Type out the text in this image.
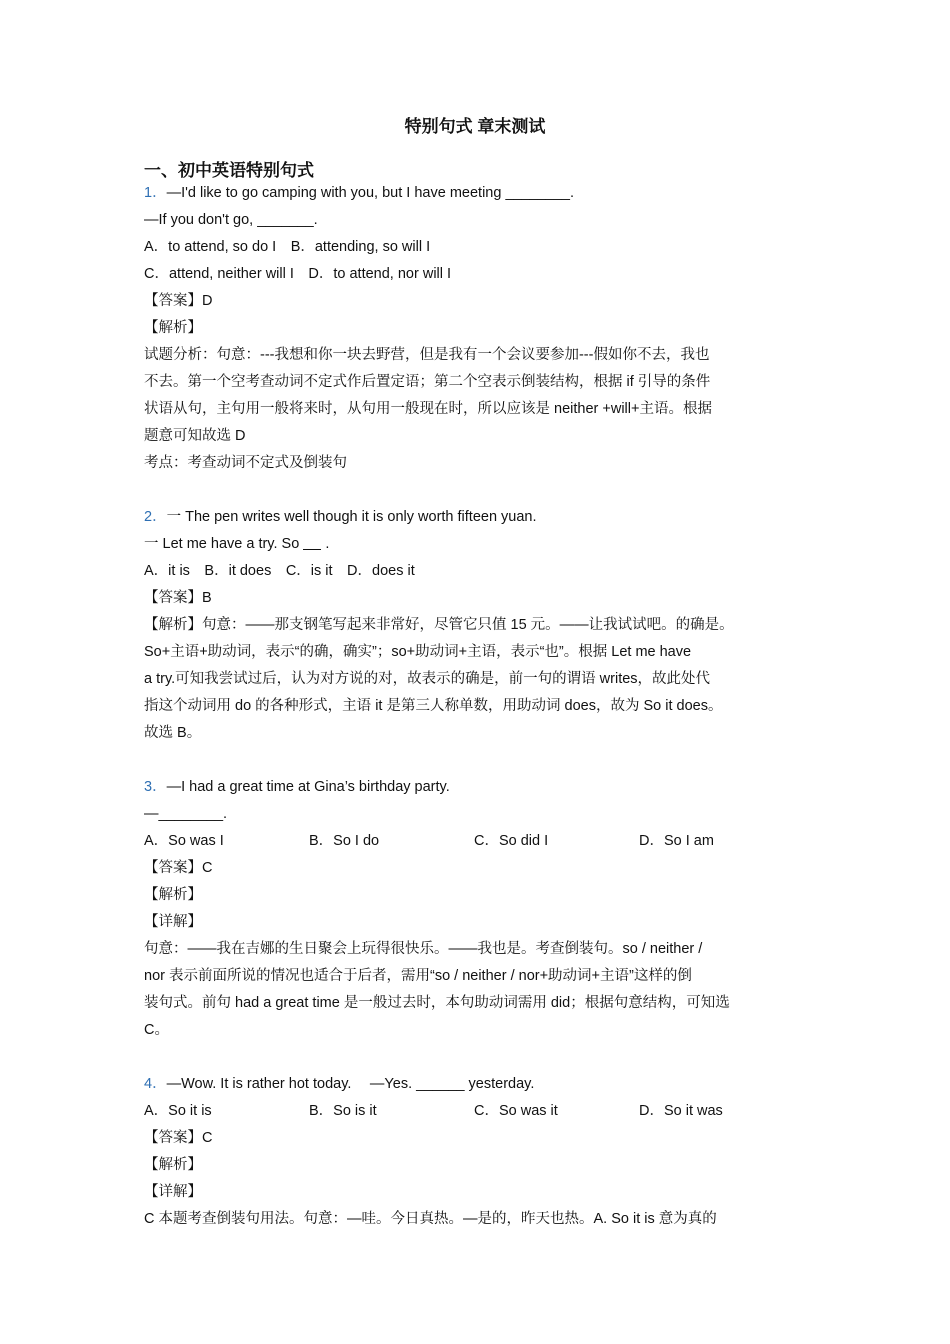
特别句式 章末测试
一、初中英语特别句式
1．—I'd like to go camping with you, but I have meeting ________.
—If you don't go, _______.
A．to attend, so do I　B．attending, so will I
C．attend, neither will I　D．to attend, nor will I
【答案】D
【解析】
试题分析：句意：---我想和你一块去野营，但是我有一个会议要参加---假如你不去，我也
不去。第一个空考查动词不定式作后置定语；第二个空表示倒装结构，根据 if 引导的条件
状语从句，主句用一般将来时，从句用一般现在时，所以应该是 neither +will+主语。根据
题意可知故选 D
考点：考查动词不定式及倒装句
2．一 The pen writes well though it is only worth fifteen yuan.
一 Let me have a try. So  .
A．it is　B．it does　C．is it　D．does it
【答案】B
【解析】句意：——那支钢笔写起来非常好，尽管它只值 15 元。——让我试试吧。的确是。
So+主语+助动词，表示“的确，确实”；so+助动词+主语，表示“也”。根据 Let me have
a try.可知我尝试过后，认为对方说的对，故表示的确是，前一句的谓语 writes，故此处代
指这个动词用 do 的各种形式，主语 it 是第三人称单数，用助动词 does，故为 So it does。
故选 B。
3．—I had a great time at Gina’s birthday party.
—________.
A．So was I	B．So I do	C．So did I	D．So I am
【答案】C
【解析】
【详解】
句意：——我在吉娜的生日聚会上玩得很快乐。——我也是。考查倒装句。so / neither /
nor 表示前面所说的情况也适合于后者，需用“so / neither / nor+助动词+主语”这样的倒
装句式。前句 had a great time 是一般过去时，本句助动词需用 did；根据句意结构，可知选
C。
4．—Wow. It is rather hot today.　 —Yes. ______ yesterday.
A．So it is	B．So is it	C．So was it	D．So it was
【答案】C
【解析】
【详解】
C 本题考查倒装句用法。句意：—哇。今日真热。—是的，昨天也热。A. So it is 意为真的
